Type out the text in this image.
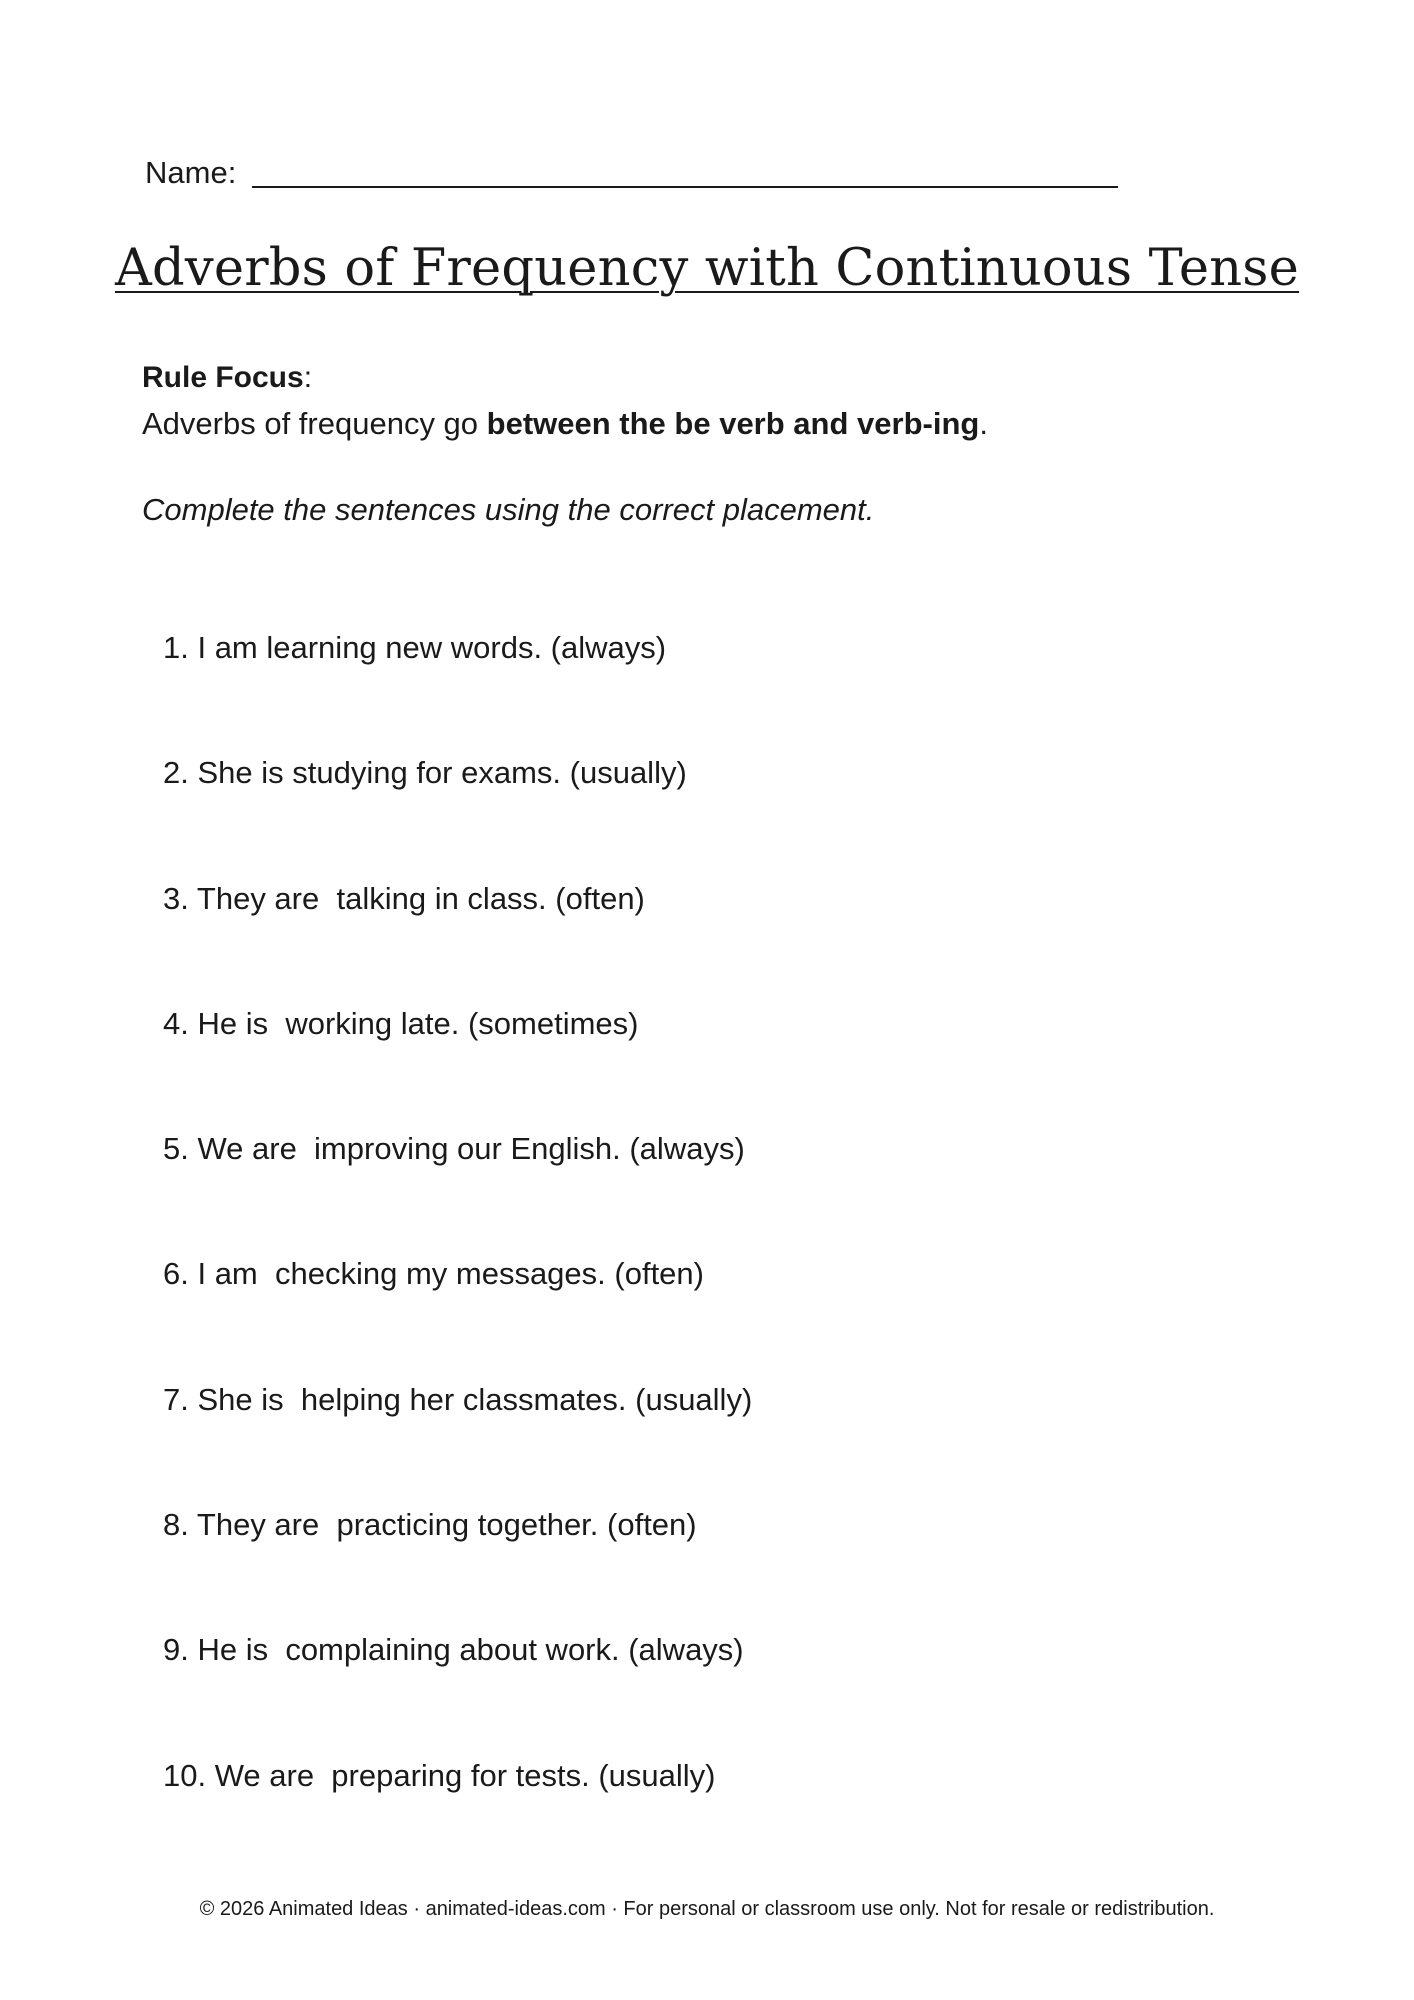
Name:
Adverbs of Frequency with Continuous Tense
Rule Focus:
Adverbs of frequency go between the be verb and verb-ing.
Complete the sentences using the correct placement.
1. I am learning new words. (always)
2. She is studying for exams. (usually)
3. They are  talking in class. (often)
4. He is  working late. (sometimes)
5. We are  improving our English. (always)
6. I am  checking my messages. (often)
7. She is  helping her classmates. (usually)
8. They are  practicing together. (often)
9. He is  complaining about work. (always)
10. We are  preparing for tests. (usually)
© 2026 Animated Ideas · animated-ideas.com · For personal or classroom use only. Not for resale or redistribution.
